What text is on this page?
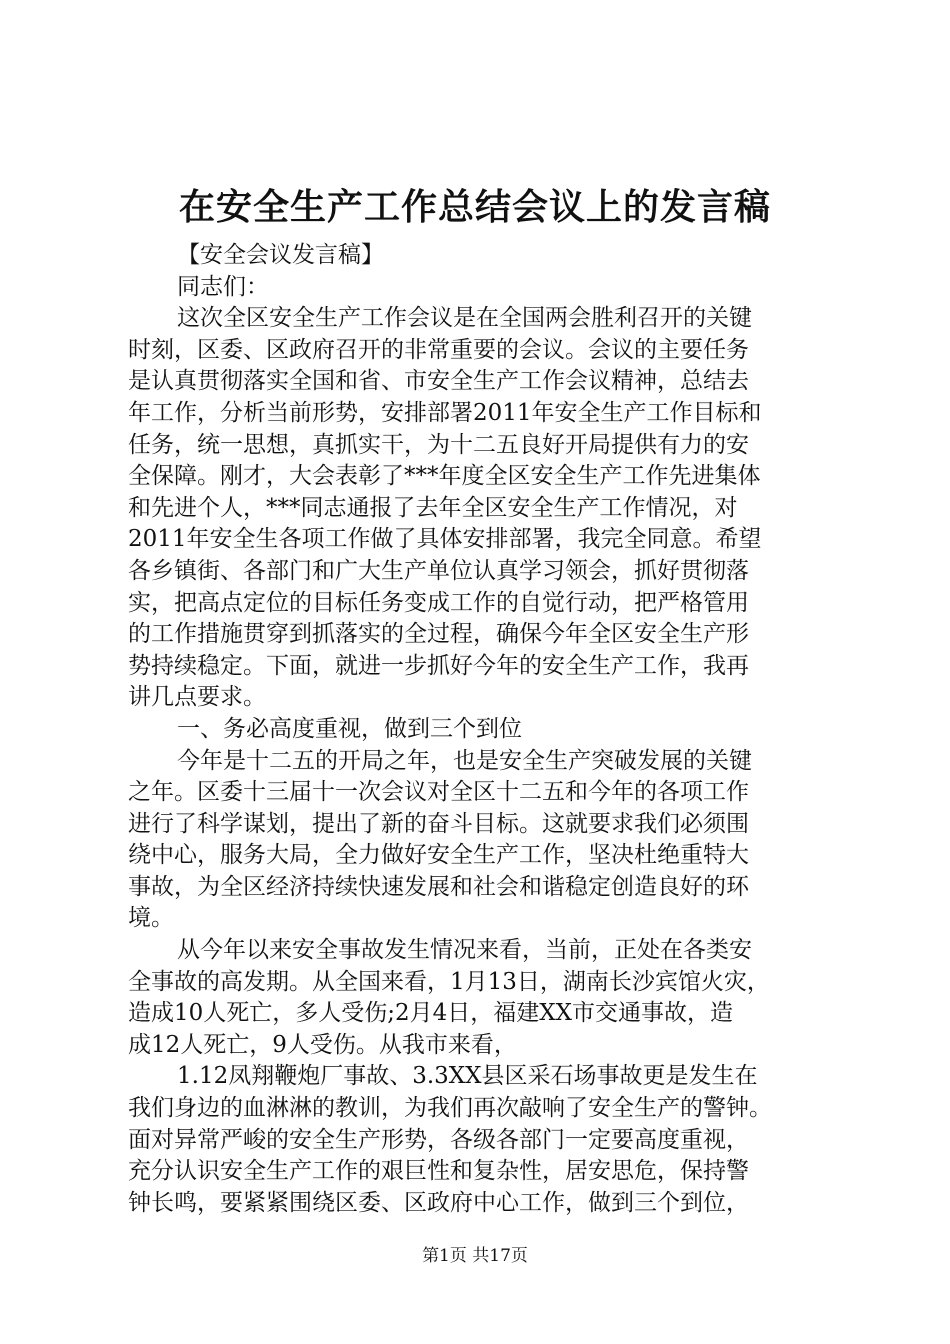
在安全生产工作总结会议上的发言稿
【安全会议发言稿】
同志们：
这次全区安全生产工作会议是在全国两会胜利召开的关键
时刻，区委、区政府召开的非常重要的会议。会议的主要任务
是认真贯彻落实全国和省、市安全生产工作会议精神，总结去
年工作，分析当前形势，安排部署2011年安全生产工作目标和
任务，统一思想，真抓实干，为十二五良好开局提供有力的安
全保障。刚才，大会表彰了***年度全区安全生产工作先进集体
和先进个人，***同志通报了去年全区安全生产工作情况，对
2011年安全生各项工作做了具体安排部署，我完全同意。希望
各乡镇街、各部门和广大生产单位认真学习领会，抓好贯彻落
实，把高点定位的目标任务变成工作的自觉行动，把严格管用
的工作措施贯穿到抓落实的全过程，确保今年全区安全生产形
势持续稳定。下面，就进一步抓好今年的安全生产工作，我再
讲几点要求。
一、务必高度重视，做到三个到位
今年是十二五的开局之年，也是安全生产突破发展的关键
之年。区委十三届十一次会议对全区十二五和今年的各项工作
进行了科学谋划，提出了新的奋斗目标。这就要求我们必须围
绕中心，服务大局，全力做好安全生产工作，坚决杜绝重特大
事故，为全区经济持续快速发展和社会和谐稳定创造良好的环
境。
从今年以来安全事故发生情况来看，当前，正处在各类安
全事故的高发期。从全国来看，1月13日，湖南长沙宾馆火灾，
造成10人死亡，多人受伤;2月4日，福建XX市交通事故，造
成12人死亡，9人受伤。从我市来看，
1.12凤翔鞭炮厂事故、3.3XX县区采石场事故更是发生在
我们身边的血淋淋的教训，为我们再次敲响了安全生产的警钟。
面对异常严峻的安全生产形势，各级各部门一定要高度重视，
充分认识安全生产工作的艰巨性和复杂性，居安思危，保持警
钟长鸣，要紧紧围绕区委、区政府中心工作，做到三个到位，
第1页 共17页
